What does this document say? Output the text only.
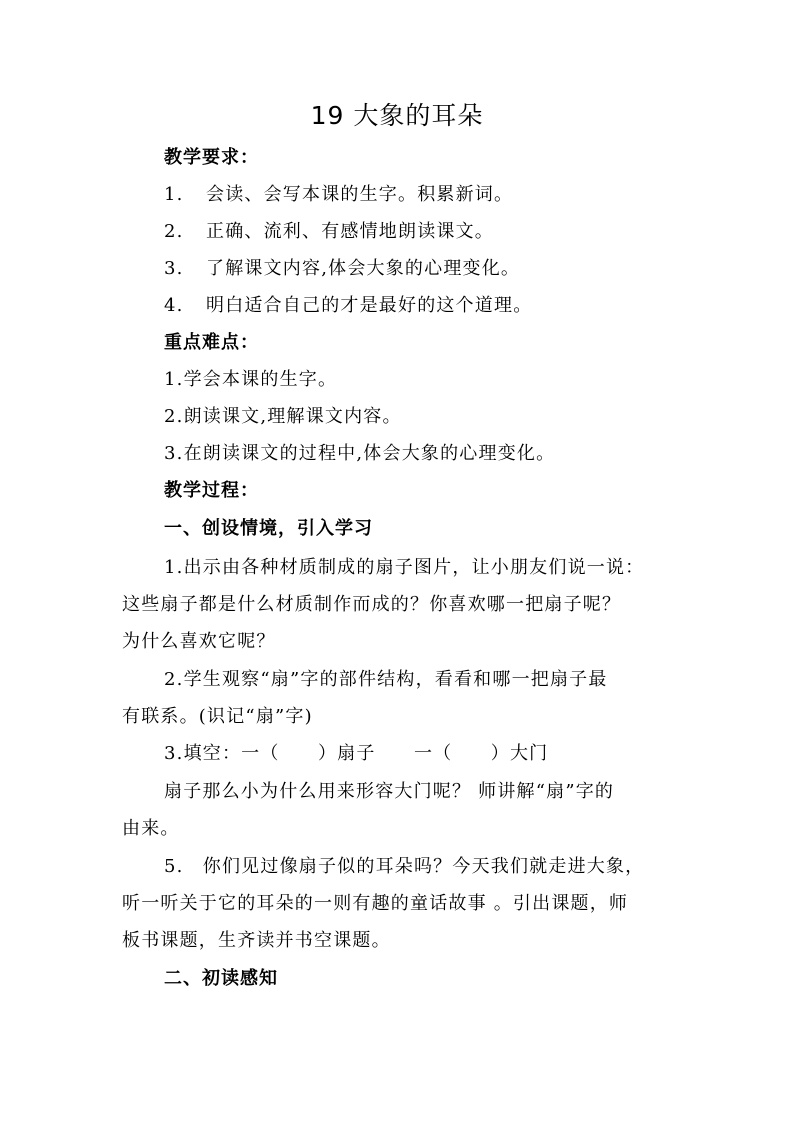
19 大象的耳朵
教学要求：
1. 会读、会写本课的生字。积累新词。
2. 正确、流利、有感情地朗读课文。
3. 了解课文内容,体会大象的心理变化。
4. 明白适合自己的才是最好的这个道理。
重点难点：
1.学会本课的生字。
2.朗读课文,理解课文内容。
3.在朗读课文的过程中,体会大象的心理变化。
教学过程：
一、创设情境，引入学习
1.出示由各种材质制成的扇子图片，让小朋友们说一说：
这些扇子都是什么材质制作而成的？你喜欢哪一把扇子呢？
为什么喜欢它呢？
2.学生观察“扇”字的部件结构，看看和哪一把扇子最
有联系。(识记“扇”字)
3.填空：一（　　）扇子　　一（　　）大门
扇子那么小为什么用来形容大门呢？ 师讲解“扇”字的
由来。
5.　你们见过像扇子似的耳朵吗？今天我们就走进大象，
听一听关于它的耳朵的一则有趣的童话故事 。引出课题，师
板书课题，生齐读并书空课题。
二、初读感知
